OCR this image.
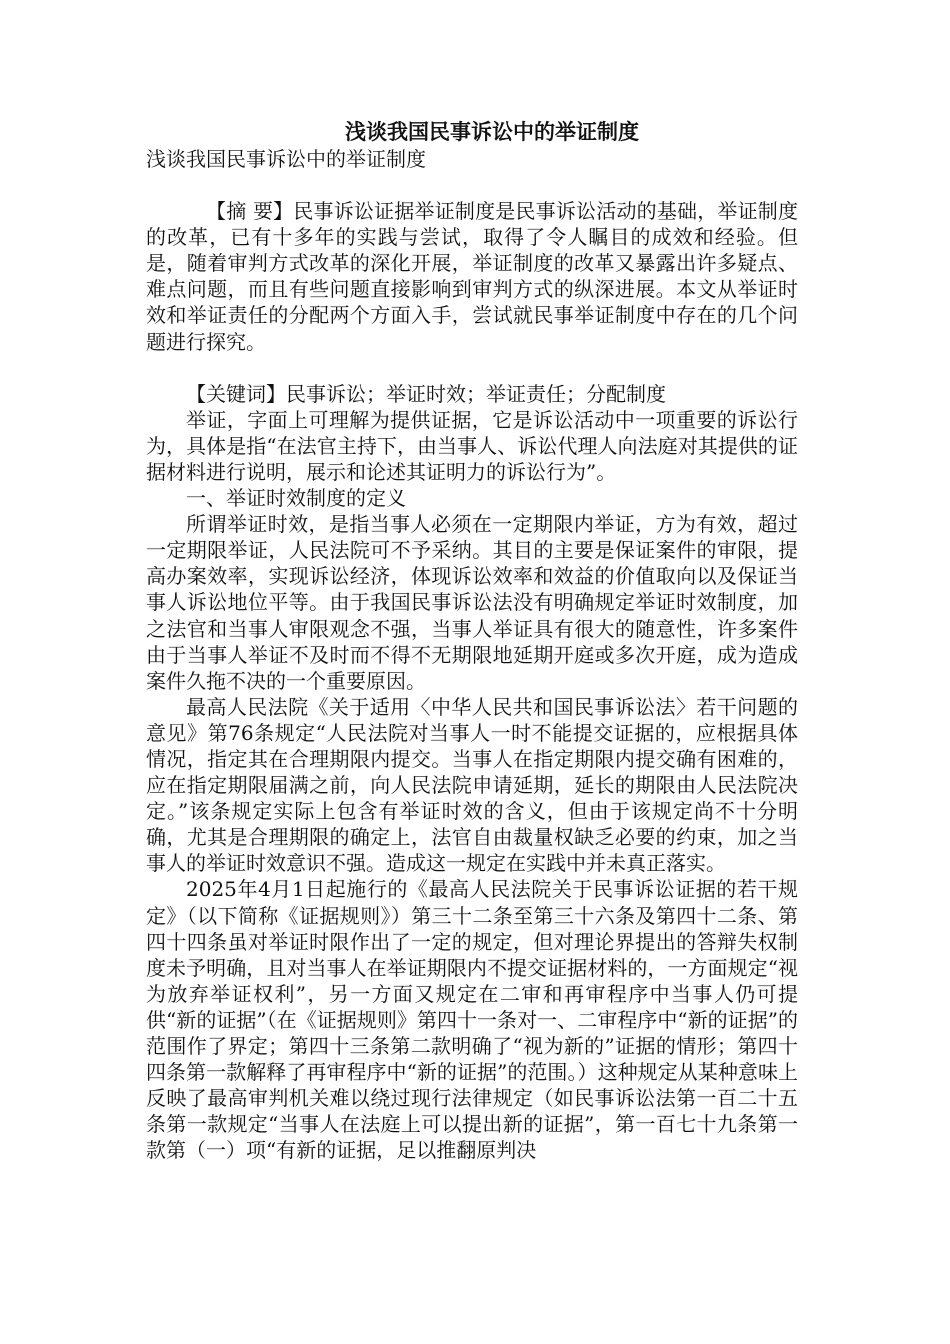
浅谈我国民事诉讼中的举证制度
浅谈我国民事诉讼中的举证制度

【摘 要】民事诉讼证据举证制度是民事诉讼活动的基础，举证制度的改革，已有十多年的实践与尝试，取得了令人瞩目的成效和经验。但是，随着审判方式改革的深化开展，举证制度的改革又暴露出许多疑点、难点问题，而且有些问题直接影响到审判方式的纵深进展。本文从举证时效和举证责任的分配两个方面入手，尝试就民事举证制度中存在的几个问题进行探究。

【关键词】民事诉讼；举证时效；举证责任；分配制度

举证，字面上可理解为提供证据，它是诉讼活动中一项重要的诉讼行为，具体是指“在法官主持下，由当事人、诉讼代理人向法庭对其提供的证据材料进行说明，展示和论述其证明力的诉讼行为”。

一、举证时效制度的定义

所谓举证时效，是指当事人必须在一定期限内举证，方为有效，超过一定期限举证，人民法院可不予采纳。其目的主要是保证案件的审限，提高办案效率，实现诉讼经济，体现诉讼效率和效益的价值取向以及保证当事人诉讼地位平等。由于我国民事诉讼法没有明确规定举证时效制度，加之法官和当事人审限观念不强，当事人举证具有很大的随意性，许多案件由于当事人举证不及时而不得不无期限地延期开庭或多次开庭，成为造成案件久拖不决的一个重要原因。

最高人民法院《关于适用〈中华人民共和国民事诉讼法〉若干问题的意见》第76条规定“人民法院对当事人一时不能提交证据的，应根据具体情况，指定其在合理期限内提交。当事人在指定期限内提交确有困难的，应在指定期限届满之前，向人民法院申请延期，延长的期限由人民法院决定。”该条规定实际上包含有举证时效的含义，但由于该规定尚不十分明确，尤其是合理期限的确定上，法官自由裁量权缺乏必要的约束，加之当事人的举证时效意识不强。造成这一规定在实践中并未真正落实。

2025年4月1日起施行的《最高人民法院关于民事诉讼证据的若干规定》（以下简称《证据规则》）第三十二条至第三十六条及第四十二条、第四十四条虽对举证时限作出了一定的规定，但对理论界提出的答辩失权制度未予明确，且对当事人在举证期限内不提交证据材料的，一方面规定“视为放弃举证权利”，另一方面又规定在二审和再审程序中当事人仍可提供“新的证据”（在《证据规则》第四十一条对一、二审程序中“新的证据”的范围作了界定；第四十三条第二款明确了“视为新的”证据的情形；第四十四条第一款解释了再审程序中“新的证据”的范围。）这种规定从某种意味上反映了最高审判机关难以绕过现行法律规定（如民事诉讼法第一百二十五条第一款规定“当事人在法庭上可以提出新的证据”，第一百七十九条第一款第（一）项“有新的证据，足以推翻原判决
